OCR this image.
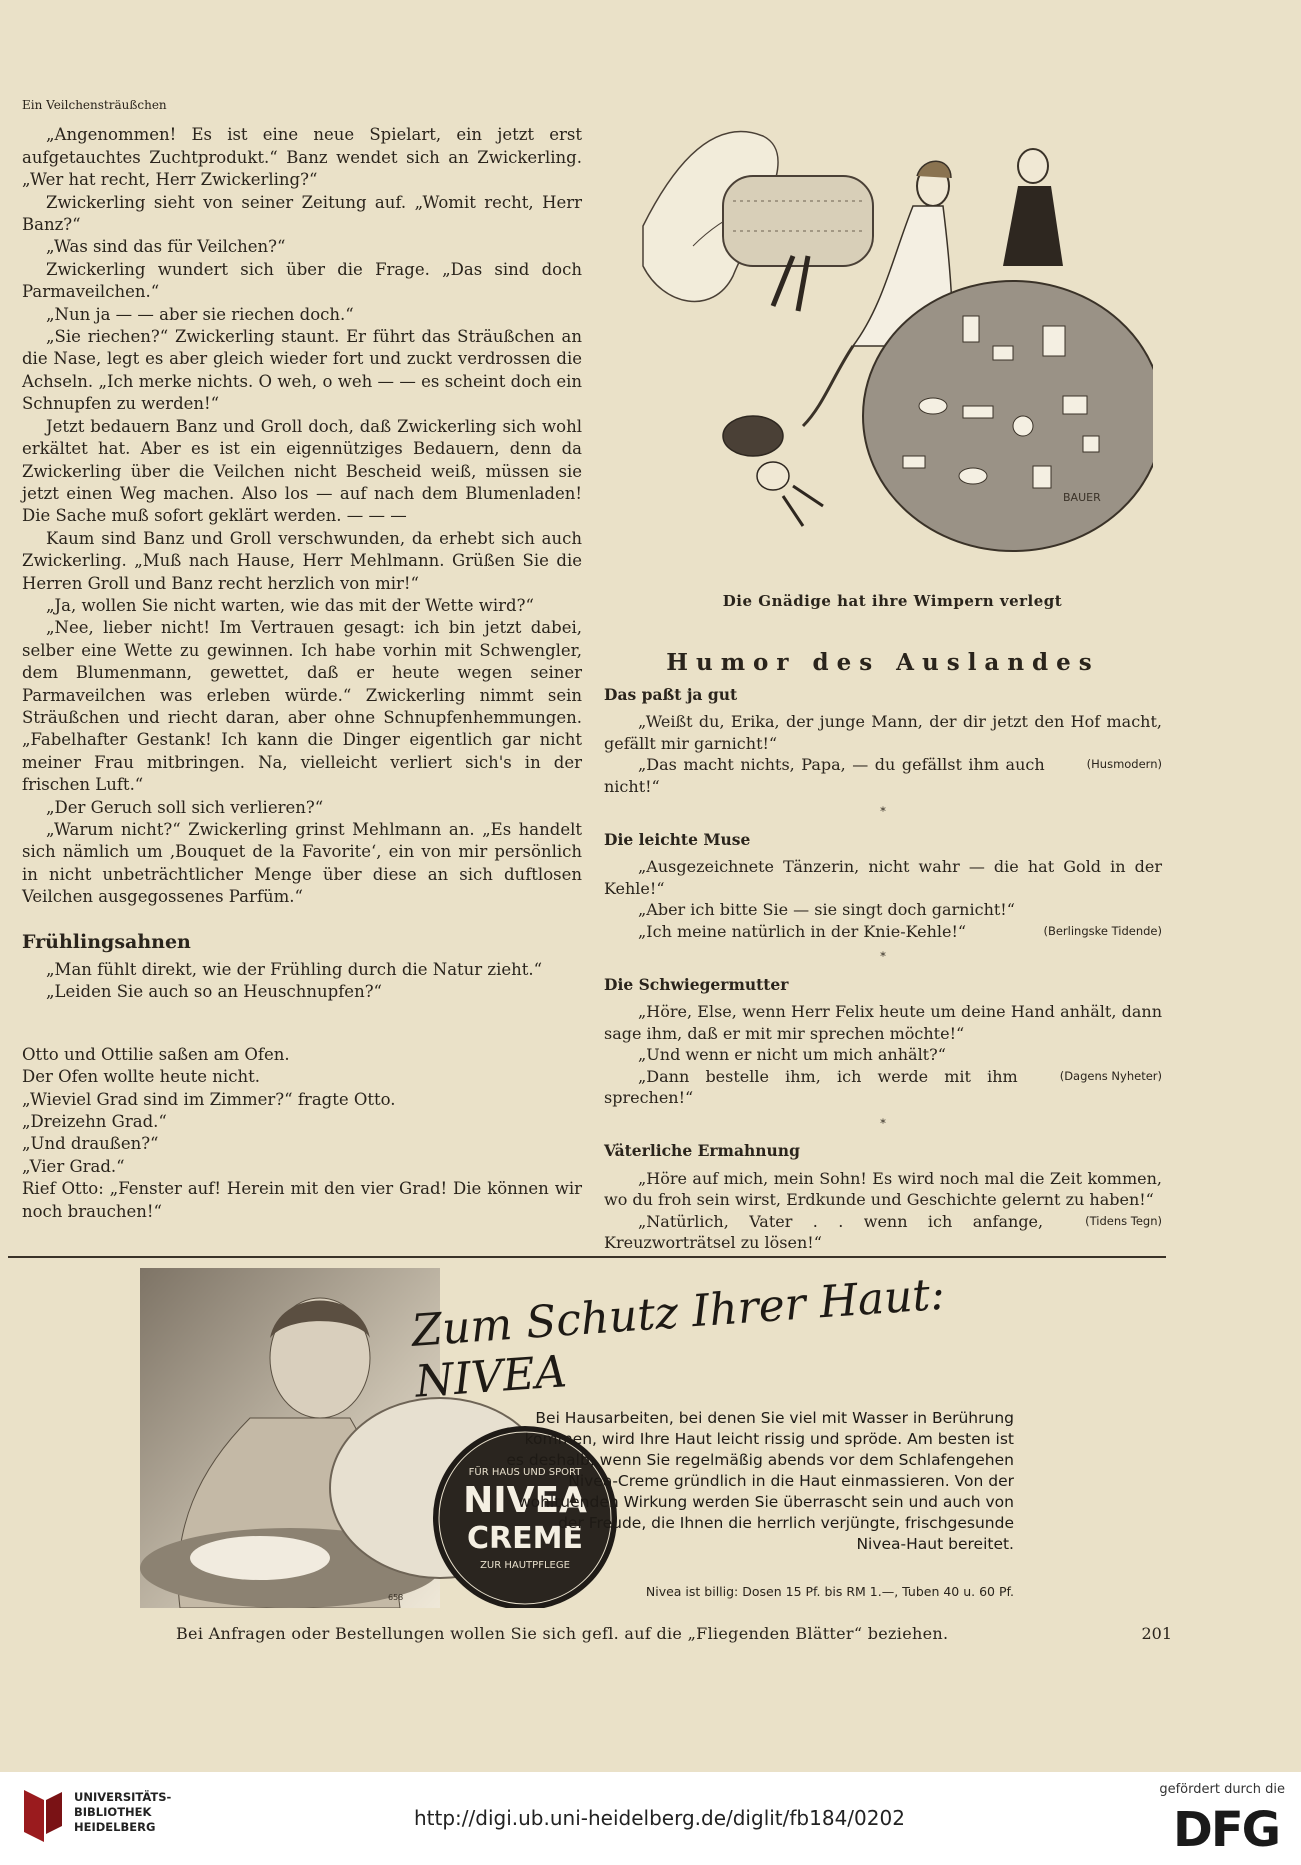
Ein Veilchensträußchen

„Angenommen! Es ist eine neue Spielart, ein jetzt erst aufgetauchtes Zuchtprodukt.“ Banz wendet sich an Zwickerling. „Wer hat recht, Herr Zwickerling?“

Zwickerling sieht von seiner Zeitung auf. „Womit recht, Herr Banz?“

„Was sind das für Veilchen?“

Zwickerling wundert sich über die Frage. „Das sind doch Parmaveilchen.“

„Nun ja — — aber sie riechen doch.“

„Sie riechen?“ Zwickerling staunt. Er führt das Sträußchen an die Nase, legt es aber gleich wieder fort und zuckt verdrossen die Achseln. „Ich merke nichts. O weh, o weh — — es scheint doch ein Schnupfen zu werden!“

Jetzt bedauern Banz und Groll doch, daß Zwickerling sich wohl erkältet hat. Aber es ist ein eigennütziges Bedauern, denn da Zwickerling über die Veilchen nicht Bescheid weiß, müssen sie jetzt einen Weg machen. Also los — auf nach dem Blumenladen! Die Sache muß sofort geklärt werden. — — —

Kaum sind Banz und Groll verschwunden, da erhebt sich auch Zwickerling. „Muß nach Hause, Herr Mehlmann. Grüßen Sie die Herren Groll und Banz recht herzlich von mir!“

„Ja, wollen Sie nicht warten, wie das mit der Wette wird?“

„Nee, lieber nicht! Im Vertrauen gesagt: ich bin jetzt dabei, selber eine Wette zu gewinnen. Ich habe vorhin mit Schwengler, dem Blumenmann, gewettet, daß er heute wegen seiner Parmaveilchen was erleben würde.“ Zwickerling nimmt sein Sträußchen und riecht daran, aber ohne Schnupfenhemmungen. „Fabelhafter Gestank! Ich kann die Dinger eigentlich gar nicht meiner Frau mitbringen. Na, vielleicht verliert sich's in der frischen Luft.“

„Der Geruch soll sich verlieren?“

„Warum nicht?“ Zwickerling grinst Mehlmann an. „Es handelt sich nämlich um ‚Bouquet de la Favorite‘, ein von mir persönlich in nicht unbeträchtlicher Menge über diese an sich duftlosen Veilchen ausgegossenes Parfüm.“

Frühlingsahnen

„Man fühlt direkt, wie der Frühling durch die Natur zieht.“

„Leiden Sie auch so an Heuschnupfen?“

Otto und Ottilie saßen am Ofen.

Der Ofen wollte heute nicht.

„Wieviel Grad sind im Zimmer?“ fragte Otto.

„Dreizehn Grad.“

„Und draußen?“

„Vier Grad.“

Rief Otto: „Fenster auf! Herein mit den vier Grad! Die können wir noch brauchen!“

BAUER
Die Gnädige hat ihre Wimpern verlegt
Humor des Auslandes
Das paßt ja gut

„Weißt du, Erika, der junge Mann, der dir jetzt den Hof macht, gefällt mir garnicht!“

(Husmodern)
„Das macht nichts, Papa, — du gefällst ihm auch nicht!“

*
Die leichte Muse

„Ausgezeichnete Tänzerin, nicht wahr — die hat Gold in der Kehle!“

„Aber ich bitte Sie — sie singt doch garnicht!“

(Berlingske Tidende)
„Ich meine natürlich in der Knie-Kehle!“

*
Die Schwiegermutter

„Höre, Else, wenn Herr Felix heute um deine Hand anhält, dann sage ihm, daß er mit mir sprechen möchte!“

„Und wenn er nicht um mich anhält?“

(Dagens Nyheter)
„Dann bestelle ihm, ich werde mit ihm sprechen!“

*
Väterliche Ermahnung

„Höre auf mich, mein Sohn! Es wird noch mal die Zeit kommen, wo du froh sein wirst, Erdkunde und Geschichte gelernt zu haben!“

(Tidens Tegn)
„Natürlich, Vater . . wenn ich anfange, Kreuzworträtsel zu lösen!“

FÜR HAUS UND SPORT
NIVEA
CREME
ZUR HAUTPFLEGE
658
Zum Schutz Ihrer Haut: NIVEA
Bei Hausarbeiten, bei denen Sie viel mit Wasser in Berührung kommen, wird Ihre Haut leicht rissig und spröde. Am besten ist es deshalb, wenn Sie regelmäßig abends vor dem Schlafengehen Nivea-Creme gründlich in die Haut einmassieren. Von der wohltuenden Wirkung werden Sie überrascht sein und auch von der Freude, die Ihnen die herrlich verjüngte, frischgesunde Nivea-Haut bereitet.
Nivea ist billig: Dosen 15 Pf. bis RM 1.—, Tuben 40 u. 60 Pf.
Bei Anfragen oder Bestellungen wollen Sie sich gefl. auf die „Fliegenden Blätter“ beziehen.	201
UNIVERSITÄTS-
BIBLIOTHEK
HEIDELBERG	http://digi.ub.uni-heidelberg.de/diglit/fb184/0202
gefördert durch die
DFG
